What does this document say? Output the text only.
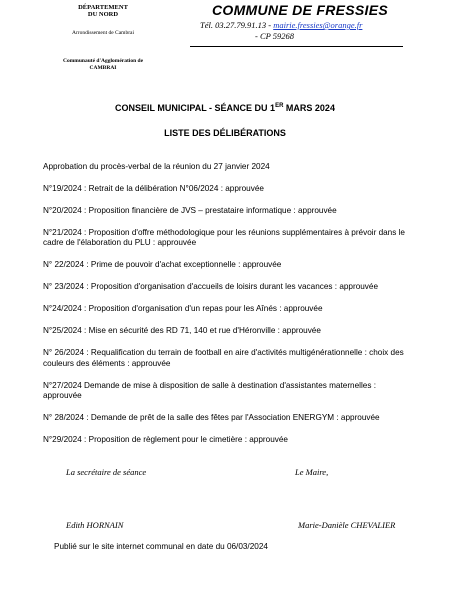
DÉPARTEMENT
DU NORD
Arrondissement de Cambrai
Communauté d'Agglomération de
CAMBRAI
COMMUNE DE FRESSIES
Tél. 03.27.79.91.13 - mairie.fressies@orange.fr
- CP 59268
CONSEIL MUNICIPAL - SÉANCE DU 1ER MARS 2024
LISTE DES DÉLIBÉRATIONS
Approbation du procès-verbal de la réunion du 27 janvier 2024
N°19/2024 : Retrait de la délibération N°06/2024 : approuvée
N°20/2024 : Proposition financière de JVS – prestataire informatique : approuvée
N°21/2024 : Proposition d'offre méthodologique pour les réunions supplémentaires à prévoir dans le cadre de l'élaboration du PLU : approuvée
N° 22/2024 : Prime de pouvoir d'achat exceptionnelle : approuvée
N° 23/2024 : Proposition d'organisation d'accueils de loisirs durant les vacances : approuvée
N°24/2024 : Proposition d'organisation d'un repas pour les Aînés : approuvée
N°25/2024 : Mise en sécurité des RD 71, 140 et rue d'Héronville : approuvée
N° 26/2024 : Requalification du terrain de football en aire d'activités multigénérationnelle : choix des couleurs des éléments : approuvée
N°27/2024 Demande de mise à disposition de salle à destination d'assistantes maternelles : approuvée
N° 28/2024 : Demande de prêt de la salle des fêtes par l'Association ENERGYM : approuvée
N°29/2024 : Proposition de règlement pour le cimetière : approuvée
La secrétaire de séance	Le Maire,
Edith HORNAIN	Marie-Danièle CHEVALIER
Publié sur le site internet communal en date du 06/03/2024
